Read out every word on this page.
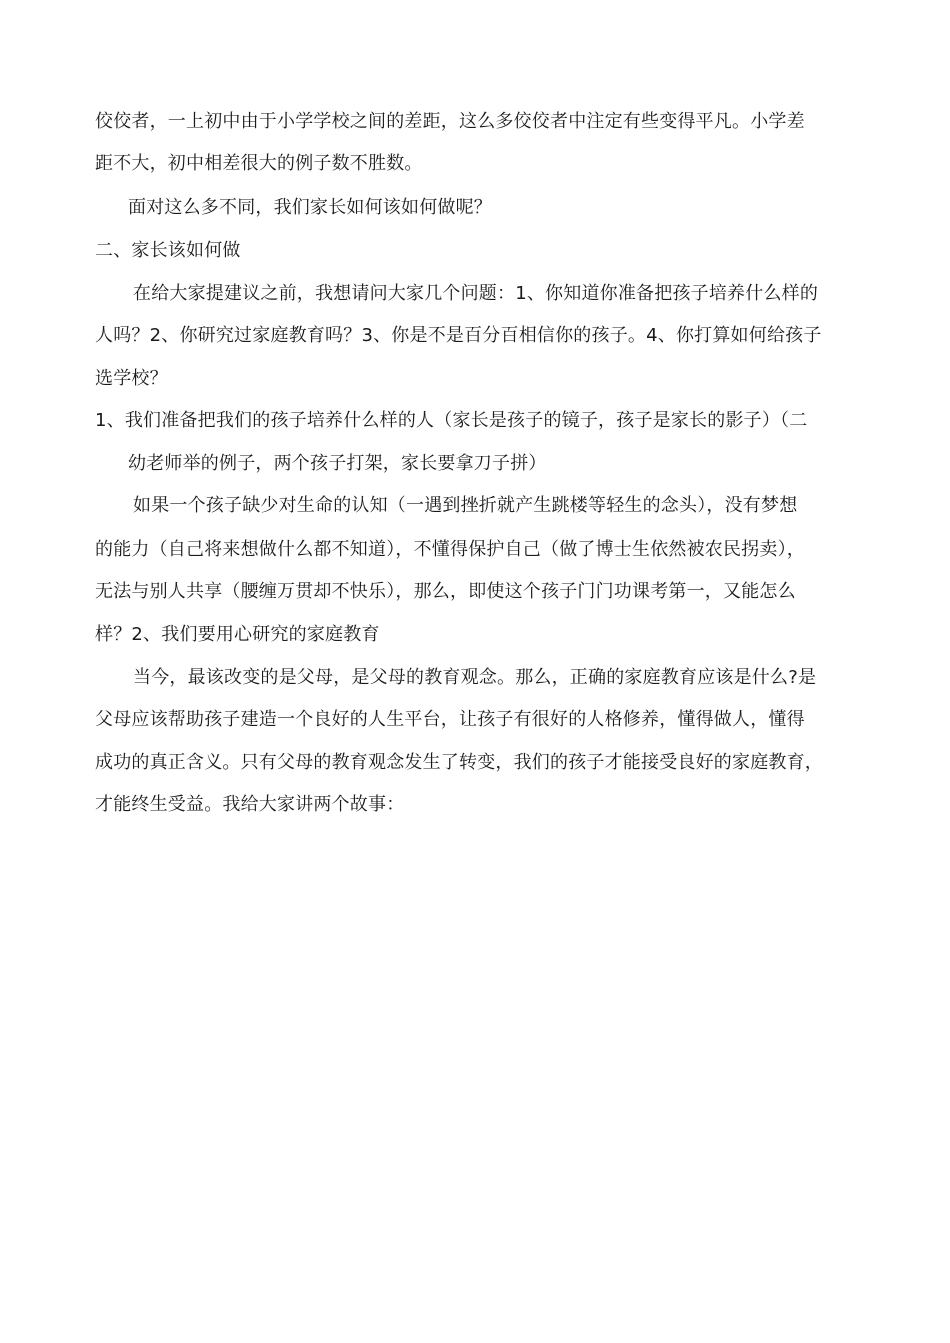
佼佼者，一上初中由于小学学校之间的差距，这么多佼佼者中注定有些变得平凡。小学差
距不大，初中相差很大的例子数不胜数。
面对这么多不同，我们家长如何该如何做呢？
二、家长该如何做
在给大家提建议之前，我想请问大家几个问题：1、你知道你准备把孩子培养什么样的
人吗？2、你研究过家庭教育吗？3、你是不是百分百相信你的孩子。4、你打算如何给孩子
选学校？
1、我们准备把我们的孩子培养什么样的人（家长是孩子的镜子，孩子是家长的影子）（二
幼老师举的例子，两个孩子打架，家长要拿刀子拼）
如果一个孩子缺少对生命的认知（一遇到挫折就产生跳楼等轻生的念头），没有梦想
的能力（自己将来想做什么都不知道），不懂得保护自己（做了博士生依然被农民拐卖），
无法与别人共享（腰缠万贯却不快乐），那么，即使这个孩子门门功课考第一，又能怎么
样？2、我们要用心研究的家庭教育
当今，最该改变的是父母，是父母的教育观念。那么，正确的家庭教育应该是什么?是
父母应该帮助孩子建造一个良好的人生平台，让孩子有很好的人格修养，懂得做人，懂得
成功的真正含义。只有父母的教育观念发生了转变，我们的孩子才能接受良好的家庭教育，
才能终生受益。我给大家讲两个故事：
